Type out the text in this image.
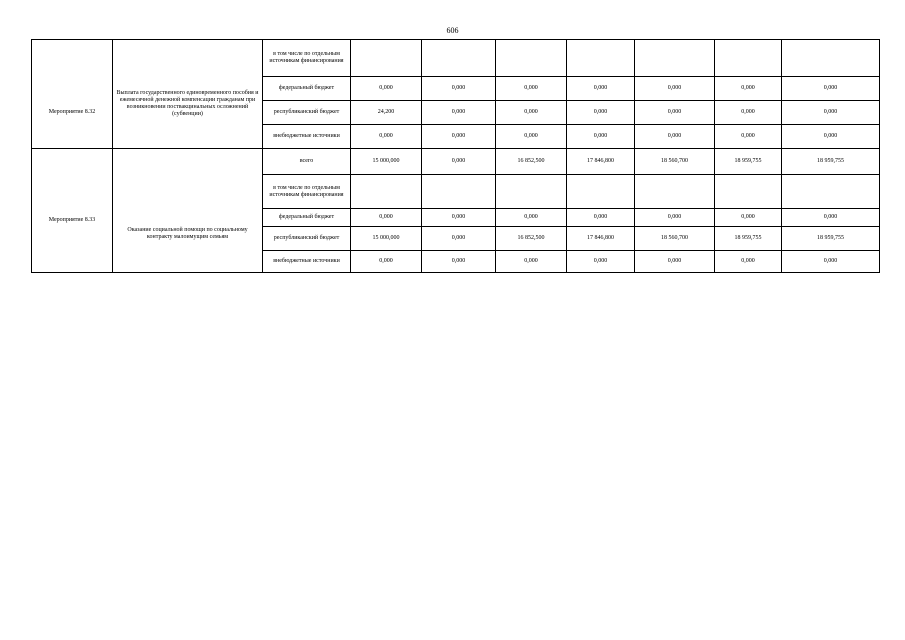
606
Мероприятие 8.32	Выплата государственного единовременного пособия и ежемесячной денежной компенсации гражданам при возникновении поствакцинальных осложнений (субвенции)	в том числе по отдельным источникам финансирования							
		федеральный бюджет	0,000	0,000	0,000	0,000	0,000	0,000	0,000
		республиканский бюджет	24,200	0,000	0,000	0,000	0,000	0,000	0,000
		внебюджетные источники	0,000	0,000	0,000	0,000	0,000	0,000	0,000

Мероприятие 8.33	Оказание социальной помощи по социальному контракту малоимущим семьям	всего	15 000,000	0,000	16 852,500	17 846,800	18 560,700	18 959,755	18 959,755
		в том числе по отдельным источникам финансирования							
		федеральный бюджет	0,000	0,000	0,000	0,000	0,000	0,000	0,000
		республиканский бюджет	15 000,000	0,000	16 852,500	17 846,800	18 560,700	18 959,755	18 959,755
		внебюджетные источники	0,000	0,000	0,000	0,000	0,000	0,000	0,000
